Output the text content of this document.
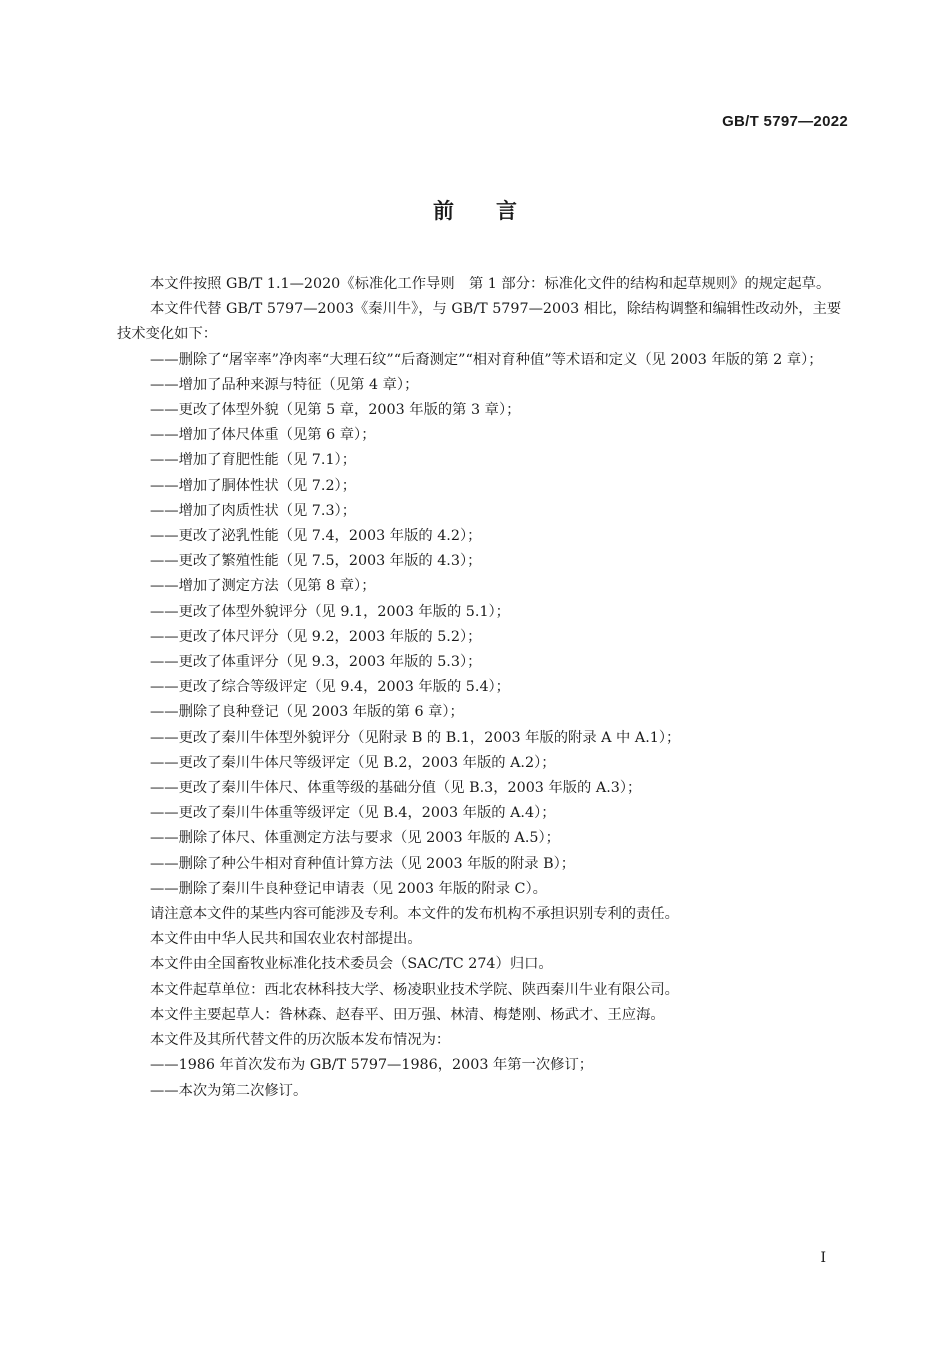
GB/T 5797—2022
前言

本文件按照 GB/T 1.1—2020《标准化工作导则　第 1 部分：标准化文件的结构和起草规则》的规定起草。

本文件代替 GB/T 5797—2003《秦川牛》，与 GB/T 5797—2003 相比，除结构调整和编辑性改动外，主要技术变化如下：

——删除了“屠宰率”净肉率“大理石纹”“后裔测定”“相对育种值”等术语和定义（见 2003 年版的第 2 章）；

——增加了品种来源与特征（见第 4 章）；

——更改了体型外貌（见第 5 章，2003 年版的第 3 章）；

——增加了体尺体重（见第 6 章）；

——增加了育肥性能（见 7.1）；

——增加了胴体性状（见 7.2）；

——增加了肉质性状（见 7.3）；

——更改了泌乳性能（见 7.4，2003 年版的 4.2）；

——更改了繁殖性能（见 7.5，2003 年版的 4.3）；

——增加了测定方法（见第 8 章）；

——更改了体型外貌评分（见 9.1，2003 年版的 5.1）；

——更改了体尺评分（见 9.2，2003 年版的 5.2）；

——更改了体重评分（见 9.3，2003 年版的 5.3）；

——更改了综合等级评定（见 9.4，2003 年版的 5.4）；

——删除了良种登记（见 2003 年版的第 6 章）；

——更改了秦川牛体型外貌评分（见附录 B 的 B.1，2003 年版的附录 A 中 A.1）；

——更改了秦川牛体尺等级评定（见 B.2，2003 年版的 A.2）；

——更改了秦川牛体尺、体重等级的基础分值（见 B.3，2003 年版的 A.3）；

——更改了秦川牛体重等级评定（见 B.4，2003 年版的 A.4）；

——删除了体尺、体重测定方法与要求（见 2003 年版的 A.5）；

——删除了种公牛相对育种值计算方法（见 2003 年版的附录 B）；

——删除了秦川牛良种登记申请表（见 2003 年版的附录 C）。

请注意本文件的某些内容可能涉及专利。本文件的发布机构不承担识别专利的责任。

本文件由中华人民共和国农业农村部提出。

本文件由全国畜牧业标准化技术委员会（SAC/TC 274）归口。

本文件起草单位：西北农林科技大学、杨凌职业技术学院、陕西秦川牛业有限公司。

本文件主要起草人：昝林森、赵春平、田万强、林清、梅楚刚、杨武才、王应海。

本文件及其所代替文件的历次版本发布情况为：

——1986 年首次发布为 GB/T 5797—1986，2003 年第一次修订；

——本次为第二次修订。

I
